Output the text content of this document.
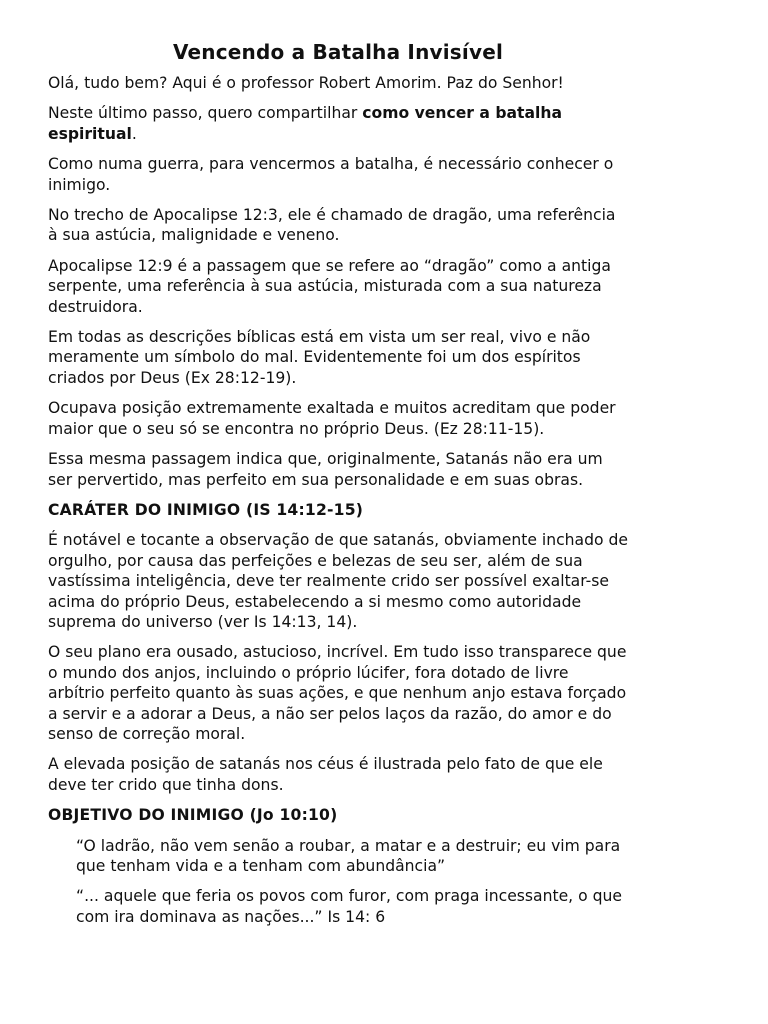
Vencendo a Batalha Invisível

Olá, tudo bem? Aqui é o professor Robert Amorim. Paz do Senhor!

Neste último passo, quero compartilhar como vencer a batalha espiritual.

Como numa guerra, para vencermos a batalha, é necessário conhecer o inimigo.

No trecho de Apocalipse 12:3, ele é chamado de dragão, uma referência à sua astúcia, malignidade e veneno.

Apocalipse 12:9 é a passagem que se refere ao “dragão” como a antiga serpente, uma referência à sua astúcia, misturada com a sua natureza destruidora.

Em todas as descrições bíblicas está em vista um ser real, vivo e não meramente um símbolo do mal. Evidentemente foi um dos espíritos criados por Deus (Ex 28:12-19).

Ocupava posição extremamente exaltada e muitos acreditam que poder maior que o seu só se encontra no próprio Deus. (Ez 28:11-15).

Essa mesma passagem indica que, originalmente, Satanás não era um ser pervertido, mas perfeito em sua personalidade e em suas obras.

CARÁTER DO INIMIGO (IS 14:12-15)

É notável e tocante a observação de que satanás, obviamente inchado de orgulho, por causa das perfeições e belezas de seu ser, além de sua vastíssima inteligência, deve ter realmente crido ser possível exaltar-se acima do próprio Deus, estabelecendo a si mesmo como autoridade suprema do universo (ver Is 14:13, 14).

O seu plano era ousado, astucioso, incrível. Em tudo isso transparece que o mundo dos anjos, incluindo o próprio lúcifer, fora dotado de livre arbítrio perfeito quanto às suas ações, e que nenhum anjo estava forçado a servir e a adorar a Deus, a não ser pelos laços da razão, do amor e do senso de correção moral.

A elevada posição de satanás nos céus é ilustrada pelo fato de que ele deve ter crido que tinha dons.

OBJETIVO DO INIMIGO (Jo 10:10)

“O ladrão, não vem senão a roubar, a matar e a destruir; eu vim para que tenham vida e a tenham com abundância”

“... aquele que feria os povos com furor, com praga incessante, o que com ira dominava as nações...” Is 14: 6
